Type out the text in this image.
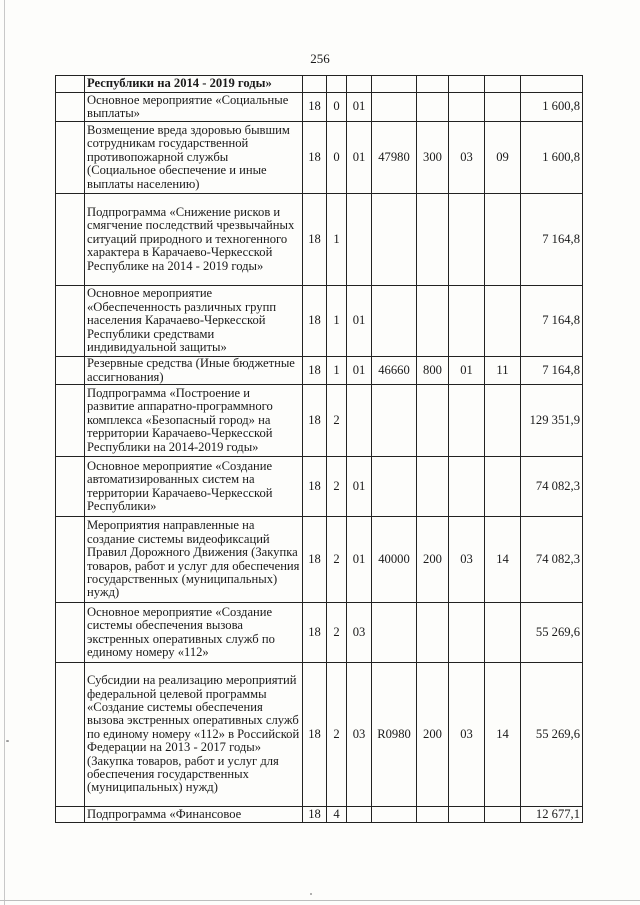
256
	Республики на 2014 - 2019 годы»								
	Основное мероприятие «Социальные выплаты»	18	0	01					1 600,8
	Возмещение вреда здоровью бывшим сотрудникам государственной противопожарной службы (Социальное обеспечение и иные выплаты населению)	18	0	01	47980	300	03	09	1 600,8
	Подпрограмма «Снижение рисков и смягчение последствий чрезвычайных ситуаций природного и техногенного характера в Карачаево-Черкесской Республике на 2014 - 2019 годы»	18	1						7 164,8
	Основное мероприятие «Обеспеченность различных групп населения Карачаево-Черкесской Республики средствами индивидуальной защиты»	18	1	01					7 164,8
	Резервные средства (Иные бюджетные ассигнования)	18	1	01	46660	800	01	11	7 164,8
	Подпрограмма «Построение и развитие аппаратно-программного комплекса «Безопасный город» на территории Карачаево-Черкесской Республики на 2014-2019 годы»	18	2						129 351,9
	Основное мероприятие «Создание автоматизированных систем на территории Карачаево-Черкесской Республики»	18	2	01					74 082,3
	Мероприятия направленные на создание системы видеофиксаций Правил Дорожного Движения (Закупка товаров, работ и услуг для обеспечения государственных (муниципальных) нужд)	18	2	01	40000	200	03	14	74 082,3
	Основное мероприятие «Создание системы обеспечения вызова экстренных оперативных служб по единому номеру «112»	18	2	03					55 269,6
	Субсидии на реализацию мероприятий федеральной целевой программы «Создание системы обеспечения вызова экстренных оперативных служб по единому номеру «112» в Российской Федерации на 2013 - 2017 годы» (Закупка товаров, работ и услуг для обеспечения государственных (муниципальных) нужд)	18	2	03	R0980	200	03	14	55 269,6
	Подпрограмма «Финансовое	18	4						12 677,1
